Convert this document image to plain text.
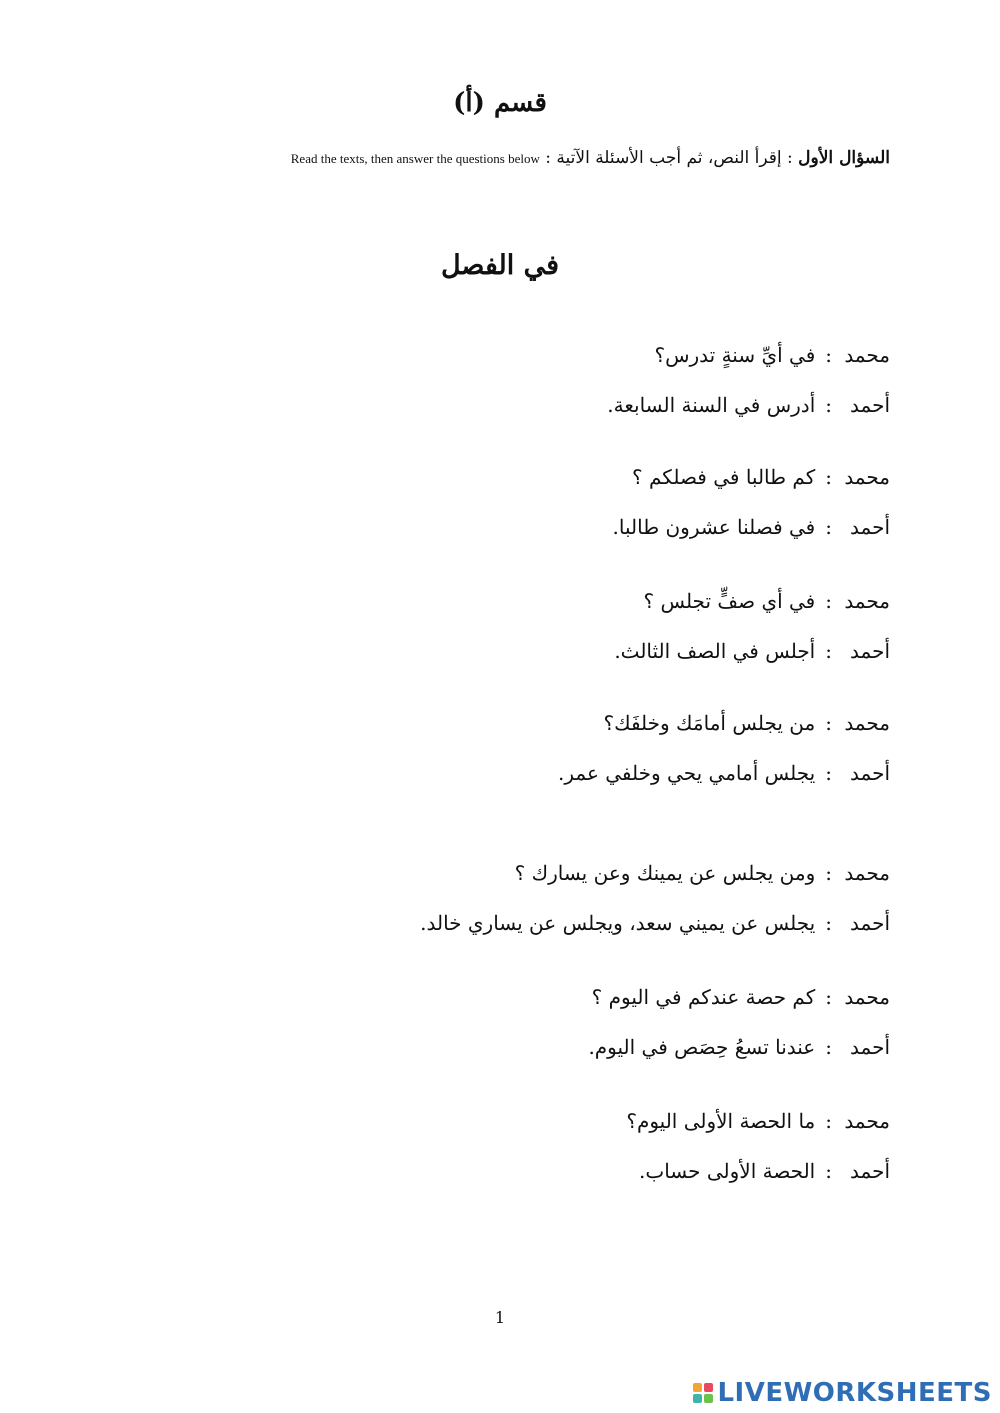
قسم (أ)
السؤال الأول : إقرأ النص، ثم أجب الأسئلة الآتية : Read the texts, then answer the questions below
في الفصل
محمد:في أيِّ سنةٍ تدرس؟
أحمد:أدرس في السنة السابعة.
محمد:كم طالبا في فصلكم ؟
أحمد:في فصلنا عشرون طالبا.
محمد:في أي صفٍّ تجلس ؟
أحمد:أجلس في الصف الثالث.
محمد:من يجلس أمامَك وخلفَك؟
أحمد:يجلس أمامي يحي وخلفي عمر.
محمد:ومن يجلس عن يمينك وعن يسارك ؟
أحمد:يجلس عن يميني سعد، ويجلس عن يساري خالد.
محمد:كم حصة عندكم في اليوم ؟
أحمد:عندنا تسعُ حِصَص في اليوم.
محمد:ما الحصة الأولى اليوم؟
أحمد:الحصة الأولى حساب.
1
LIVEWORKSHEETS
